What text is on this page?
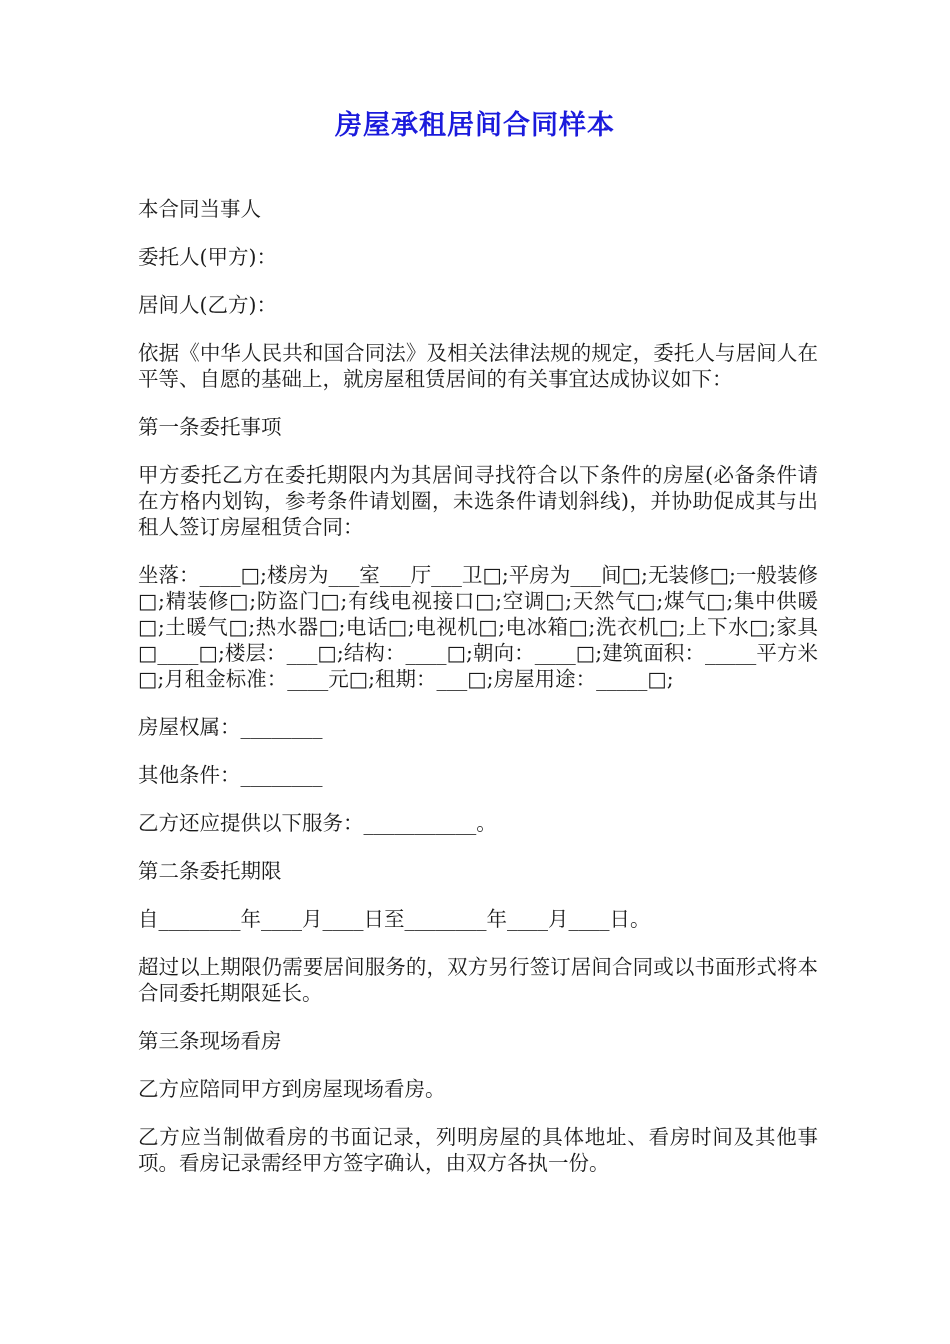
房屋承租居间合同样本

本合同当事人

委托人(甲方)：

居间人(乙方)：

依据《中华人民共和国合同法》及相关法律法规的规定，委托人与居间人在平等、自愿的基础上，就房屋租赁居间的有关事宜达成协议如下：

第一条委托事项

甲方委托乙方在委托期限内为其居间寻找符合以下条件的房屋(必备条件请在方格内划钩，参考条件请划圈，未选条件请划斜线)，并协助促成其与出租人签订房屋租赁合同：

坐落：____□;楼房为___室___厅___卫□;平房为___间□;无装修□;一般装修□;精装修□;防盗门□;有线电视接口□;空调□;天然气□;煤气□;集中供暖□;土暖气□;热水器□;电话□;电视机□;电冰箱□;洗衣机□;上下水□;家具□____□;楼层：___□;结构：____□;朝向：____□;建筑面积：_____平方米□;月租金标准：____元□;租期：___□;房屋用途：_____□;

房屋权属：________

其他条件：________

乙方还应提供以下服务：___________。

第二条委托期限

自________年____月____日至________年____月____日。

超过以上期限仍需要居间服务的，双方另行签订居间合同或以书面形式将本合同委托期限延长。

第三条现场看房

乙方应陪同甲方到房屋现场看房。

乙方应当制做看房的书面记录，列明房屋的具体地址、看房时间及其他事项。看房记录需经甲方签字确认，由双方各执一份。
